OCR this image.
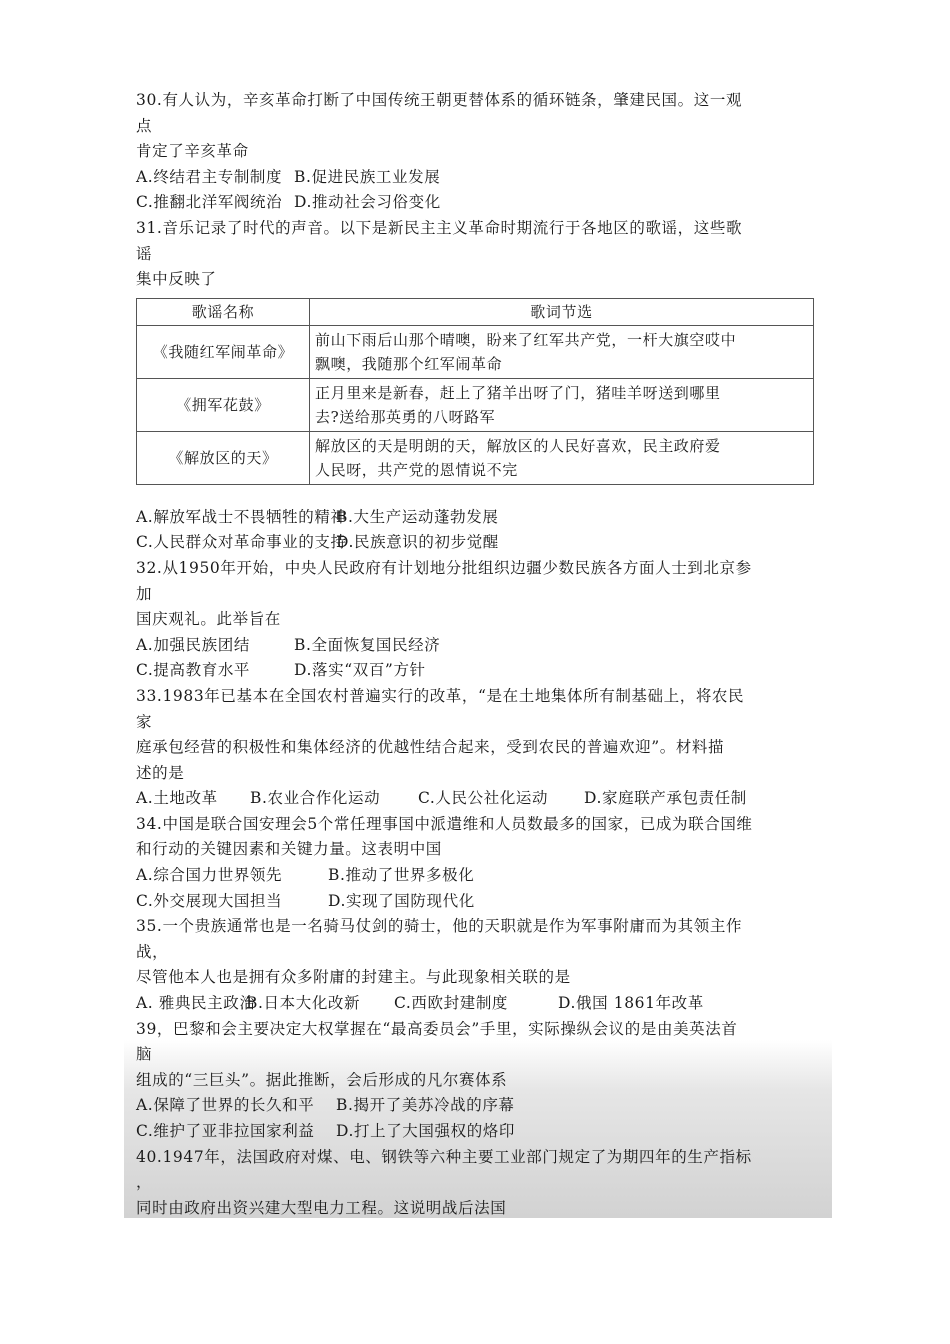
30.有人认为，辛亥革命打断了中国传统王朝更替体系的循环链条，肇建民国。这一观
点
肯定了辛亥革命
A.终结君主专制制度 B.促进民族工业发展
C.推翻北洋军阀统治 D.推动社会习俗变化
31.音乐记录了时代的声音。以下是新民主主义革命时期流行于各地区的歌谣，这些歌
谣
集中反映了
歌谣名称	歌词节选
《我随红军闹革命》	前山下雨后山那个晴噢，盼来了红军共产党，一杆大旗空哎中
飘噢，我随那个红军闹革命

《拥军花鼓》	正月里来是新春，赶上了猪羊出呀了门，猪哇羊呀送到哪里
去?送给那英勇的八呀路军

《解放区的天》	解放区的天是明朗的天，解放区的人民好喜欢，民主政府爱
人民呀，共产党的恩情说不完
A.解放军战士不畏牺牲的精神
B.大生产运动蓬勃发展
C.人民群众对革命事业的支持
D.民族意识的初步觉醒
32.从1950年开始，中央人民政府有计划地分批组织边疆少数民族各方面人士到北京参
加
国庆观礼。此举旨在
A.加强民族团结	B.全面恢复国民经济
C.提高教育水平	D.落实“双百”方针
33.1983年已基本在全国农村普遍实行的改革，“是在土地集体所有制基础上，将农民
家
庭承包经营的积极性和集体经济的优越性结合起来，受到农民的普遍欢迎”。材料描
述的是
A.土地改革	B.农业合作化运动	C.人民公社化运动	D.家庭联产承包责任制
34.中国是联合国安理会5个常任理事国中派遣维和人员数最多的国家，已成为联合国维
和行动的关键因素和关键力量。这表明中国
A.综合国力世界领先	B.推动了世界多极化
C.外交展现大国担当	D.实现了国防现代化
35.一个贵族通常也是一名骑马仗剑的骑士，他的天职就是作为军事附庸而为其领主作
战，
尽管他本人也是拥有众多附庸的封建主。与此现象相关联的是
A. 雅典民主政治
B.日本大化改新	C.西欧封建制度	D.俄国 1861年改革
39，巴黎和会主要决定大权掌握在“最高委员会”手里，实际操纵会议的是由美英法首
脑
组成的“三巨头”。据此推断，会后形成的凡尔赛体系
A.保障了世界的长久和平	B.揭开了美苏冷战的序幕
C.维护了亚非拉国家利益	D.打上了大国强权的烙印
40.1947年，法国政府对煤、电、钢铁等六种主要工业部门规定了为期四年的生产指标
，
同时由政府出资兴建大型电力工程。这说明战后法国
